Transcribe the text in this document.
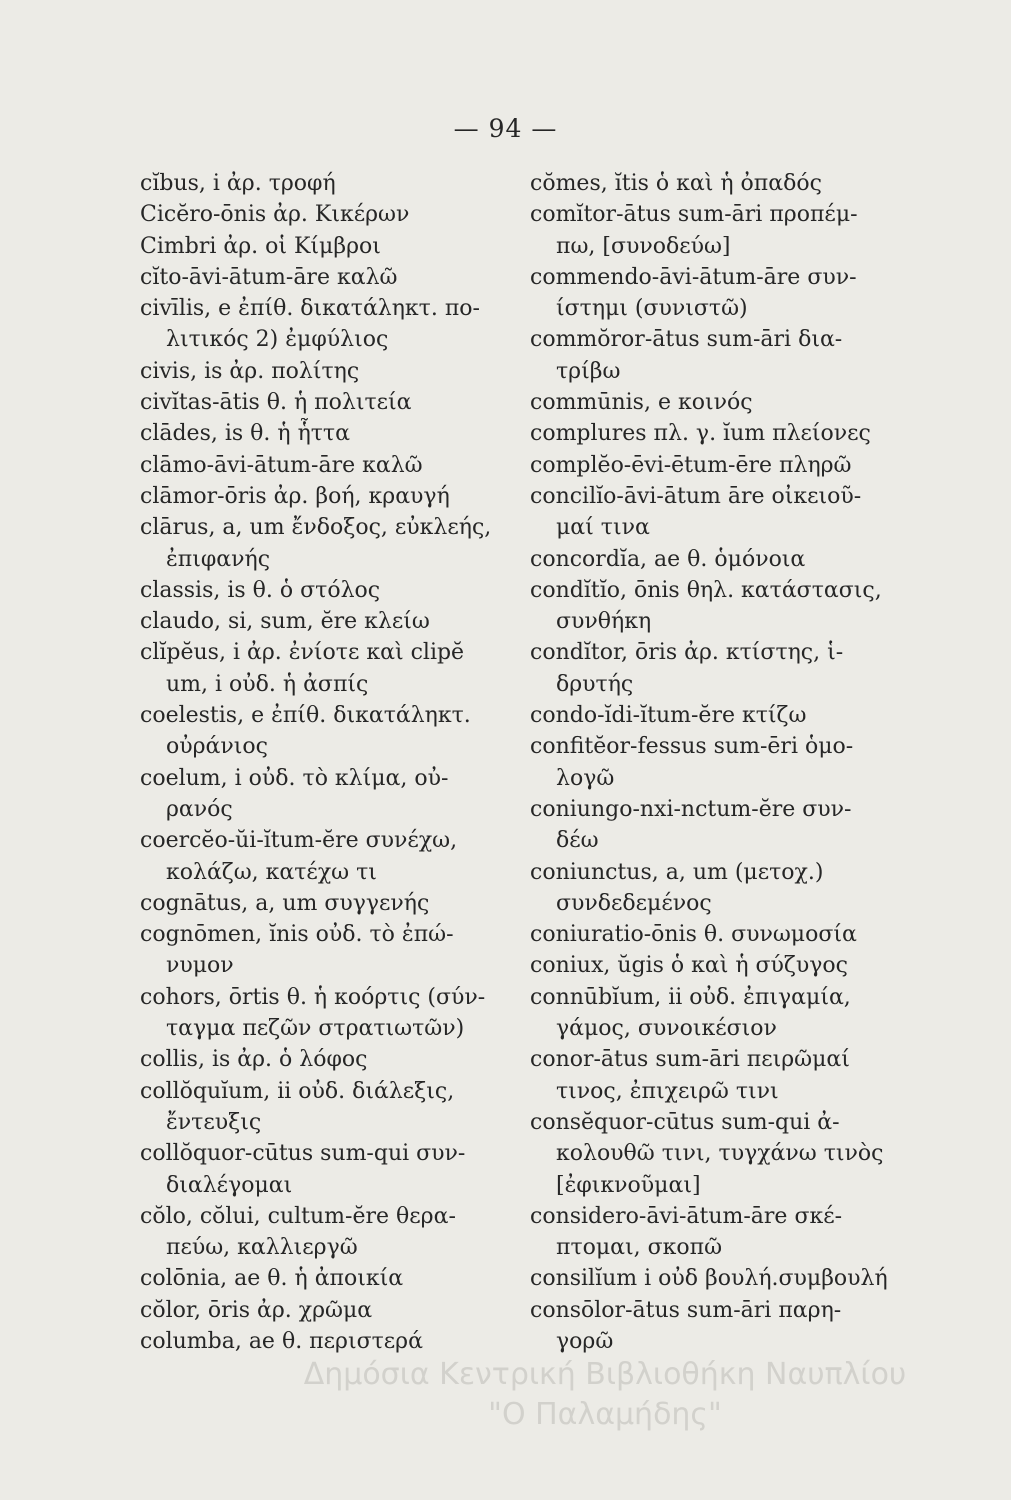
— 94 —
cĭbus, i ἀρ. τροφή
Cicĕro-ōnis ἀρ. Κικέρων
Cimbri ἀρ. οἱ Κίμβροι
cĭto-āvi-ātum-āre καλῶ
civīlis, e ἐπίθ. δικατάληκτ. πο-
λιτικός 2) ἐμφύλιος
civis, is ἀρ. πολίτης
civĭtas-ātis θ. ἡ πολιτεία
clādes, is θ. ἡ ἧττα
clāmo-āvi-ātum-āre καλῶ
clāmor-ōris ἀρ. βοή, κραυγή
clārus, a, um ἔνδοξος, εὐκλεής,
ἐπιφανής
classis, is θ. ὁ στόλος
claudo, si, sum, ĕre κλείω
clĭpĕus, i ἀρ. ἐνίοτε καὶ clipĕ
um, i οὐδ. ἡ ἀσπίς
coelestis, e ἐπίθ. δικατάληκτ.
οὐράνιος
coelum, i οὐδ. τὸ κλίμα, οὐ-
ρανός
coercĕo-ŭi-ĭtum-ĕre συνέχω,
κολάζω, κατέχω τι
cognātus, a, um συγγενής
cognōmen, ĭnis οὐδ. τὸ ἐπώ-
νυμον
cohors, ōrtis θ. ἡ κοόρτις (σύν-
ταγμα πεζῶν στρατιωτῶν)
collis, is ἀρ. ὁ λόφος
collŏquĭum, ii οὐδ. διάλεξις,
ἔντευξις
collŏquor-cūtus sum-qui συν-
διαλέγομαι
cŏlo, cŏlui, cultum-ĕre θερα-
πεύω, καλλιεργῶ
colōnia, ae θ. ἡ ἀποικία
cŏlor, ōris ἀρ. χρῶμα
columba, ae θ. περιστερά
cŏmes, ĭtis ὁ καὶ ἡ ὀπαδός
comĭtor-ātus sum-āri προπέμ-
πω, [συνοδεύω]
commendo-āvi-ātum-āre συν-
ίστημι (συνιστῶ)
commŏror-ātus sum-āri δια-
τρίβω
commūnis, e κοινός
complures πλ. γ. ĭum πλείονες
complĕo-ēvi-ētum-ēre πληρῶ
concilĭo-āvi-ātum āre οἰκειοῦ-
μαί τινα
concordĭa, ae θ. ὁμόνοια
condĭtĭo, ōnis θηλ. κατάστασις,
συνθήκη
condĭtor, ōris ἀρ. κτίστης, ἱ-
δρυτής
condo-ĭdi-ĭtum-ĕre κτίζω
confitĕor-fessus sum-ēri ὁμο-
λογῶ
coniungo-nxi-nctum-ĕre συν-
δέω
coniunctus, a, um (μετοχ.)
συνδεδεμένος
coniuratio-ōnis θ. συνωμοσία
coniux, ŭgis ὁ καὶ ἡ σύζυγος
connūbĭum, ii οὐδ. ἐπιγαμία,
γάμος, συνοικέσιον
conor-ātus sum-āri πειρῶμαί
τινος, ἐπιχειρῶ τινι
consĕquor-cūtus sum-qui ἀ-
κολουθῶ τινι, τυγχάνω τινὸς
[ἐφικνοῦμαι]
considero-āvi-ātum-āre σκέ-
πτομαι, σκοπῶ
consilĭum i οὐδ βουλή.συμβουλή
consōlor-ātus sum-āri παρη-
γορῶ
Δημόσια Κεντρική Βιβλιοθήκη Ναυπλίου
"Ο Παλαμήδης"
